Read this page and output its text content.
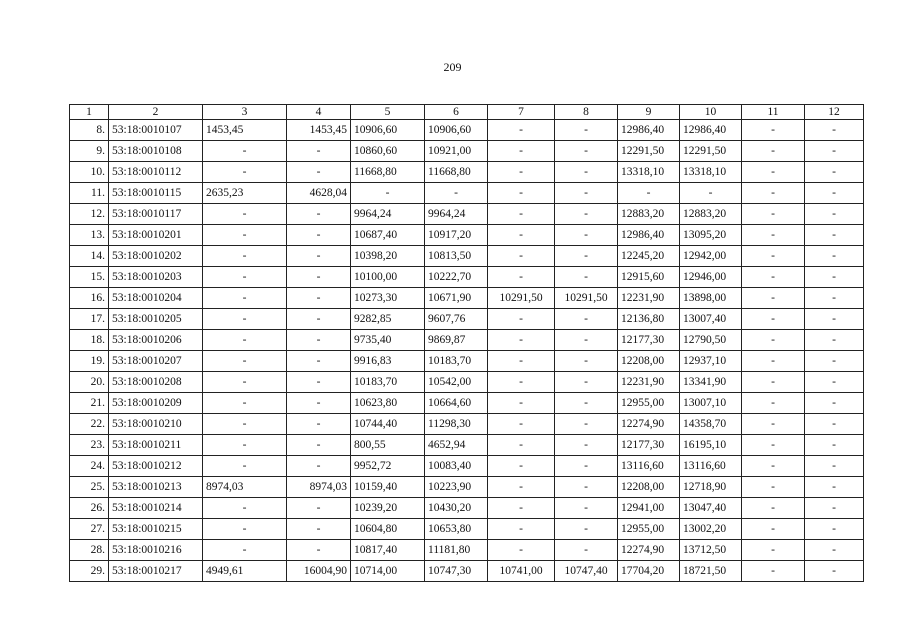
209
1	2	3	4	5	6	7	8	9	10	11	12
8.	53:18:0010107	1453,45	1453,45	10906,60	10906,60	-	-	12986,40	12986,40	-	-
9.	53:18:0010108	-	-	10860,60	10921,00	-	-	12291,50	12291,50	-	-
10.	53:18:0010112	-	-	11668,80	11668,80	-	-	13318,10	13318,10	-	-
11.	53:18:0010115	2635,23	4628,04	-	-	-	-	-	-	-	-
12.	53:18:0010117	-	-	9964,24	9964,24	-	-	12883,20	12883,20	-	-
13.	53:18:0010201	-	-	10687,40	10917,20	-	-	12986,40	13095,20	-	-
14.	53:18:0010202	-	-	10398,20	10813,50	-	-	12245,20	12942,00	-	-
15.	53:18:0010203	-	-	10100,00	10222,70	-	-	12915,60	12946,00	-	-
16.	53:18:0010204	-	-	10273,30	10671,90	10291,50	10291,50	12231,90	13898,00	-	-
17.	53:18:0010205	-	-	9282,85	9607,76	-	-	12136,80	13007,40	-	-
18.	53:18:0010206	-	-	9735,40	9869,87	-	-	12177,30	12790,50	-	-
19.	53:18:0010207	-	-	9916,83	10183,70	-	-	12208,00	12937,10	-	-
20.	53:18:0010208	-	-	10183,70	10542,00	-	-	12231,90	13341,90	-	-
21.	53:18:0010209	-	-	10623,80	10664,60	-	-	12955,00	13007,10	-	-
22.	53:18:0010210	-	-	10744,40	11298,30	-	-	12274,90	14358,70	-	-
23.	53:18:0010211	-	-	800,55	4652,94	-	-	12177,30	16195,10	-	-
24.	53:18:0010212	-	-	9952,72	10083,40	-	-	13116,60	13116,60	-	-
25.	53:18:0010213	8974,03	8974,03	10159,40	10223,90	-	-	12208,00	12718,90	-	-
26.	53:18:0010214	-	-	10239,20	10430,20	-	-	12941,00	13047,40	-	-
27.	53:18:0010215	-	-	10604,80	10653,80	-	-	12955,00	13002,20	-	-
28.	53:18:0010216	-	-	10817,40	11181,80	-	-	12274,90	13712,50	-	-
29.	53:18:0010217	4949,61	16004,90	10714,00	10747,30	10741,00	10747,40	17704,20	18721,50	-	-
